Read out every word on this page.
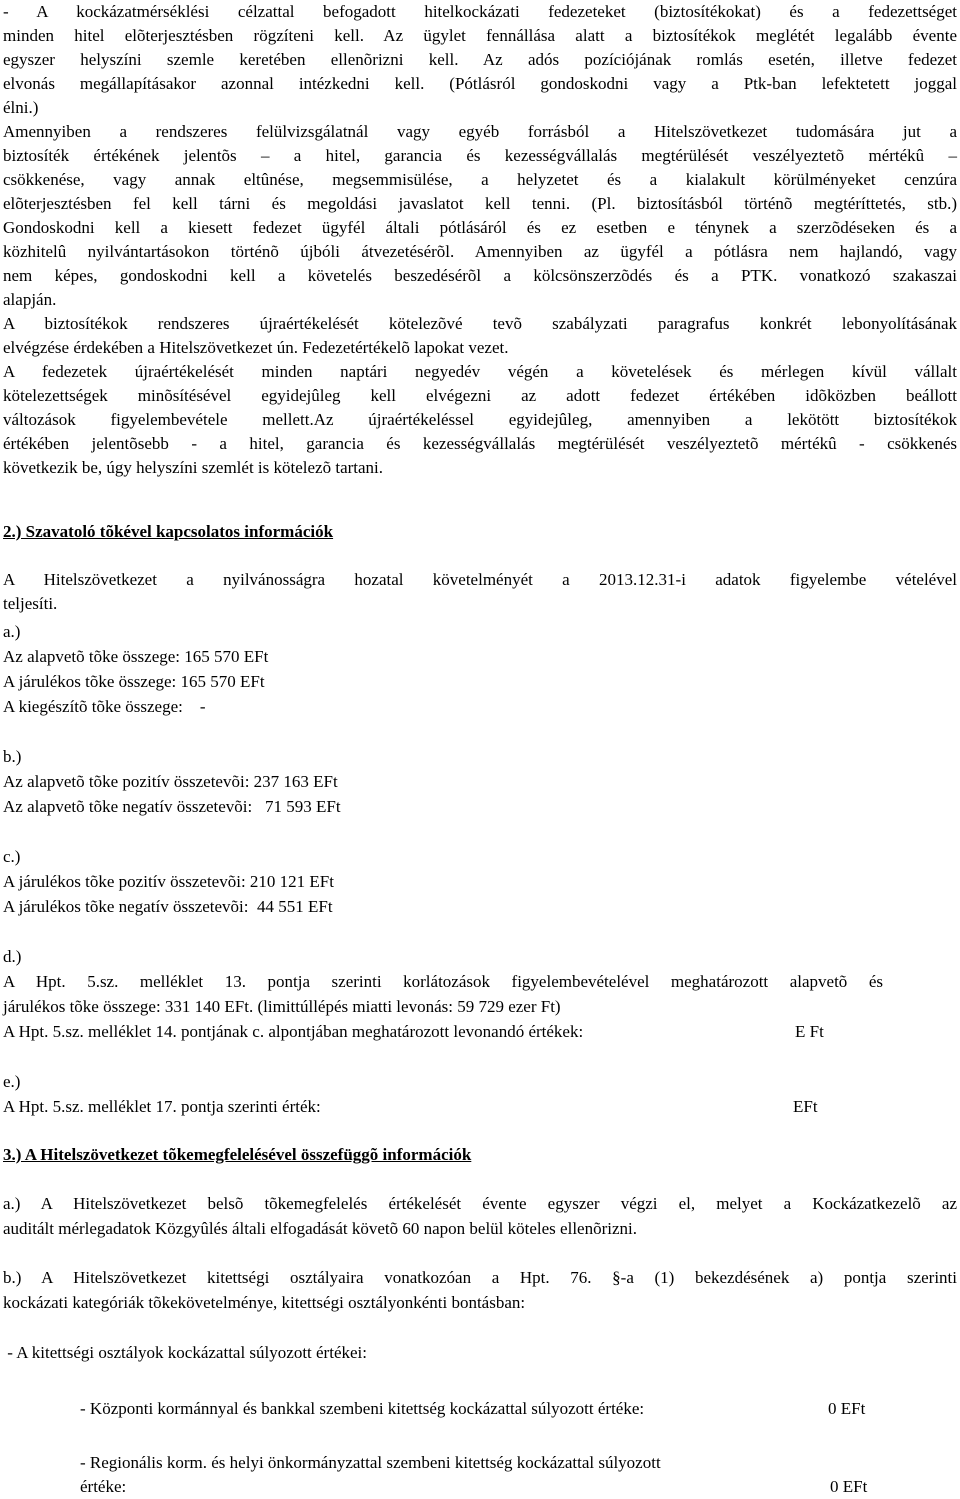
- A kockázatmérséklési célzattal befogadott hitelkockázati fedezeteket (biztosítékokat) és a fedezettséget
minden hitel elõterjesztésben rögzíteni kell. Az ügylet fennállása alatt a biztosítékok meglétét legalább évente
egyszer helyszíni szemle keretében ellenõrizni kell. Az adós pozíciójának romlás esetén, illetve fedezet
elvonás megállapításakor azonnal intézkedni kell. (Pótlásról gondoskodni vagy a Ptk-ban lefektetett joggal
élni.)
Amennyiben a rendszeres felülvizsgálatnál vagy egyéb forrásból a Hitelszövetkezet tudomására jut a
biztosíték értékének jelentõs – a hitel, garancia és kezességvállalás megtérülését veszélyeztetõ mértékû –
csökkenése, vagy annak eltûnése, megsemmisülése, a helyzetet és a kialakult körülményeket cenzúra
elõterjesztésben fel kell tárni és megoldási javaslatot kell tenni. (Pl. biztosításból történõ megtéríttetés, stb.)
Gondoskodni kell a kiesett fedezet ügyfél általi pótlásáról és ez esetben e ténynek a szerzõdéseken és a
közhitelû nyilvántartásokon történõ újbóli átvezetésérõl. Amennyiben az ügyfél a pótlásra nem hajlandó, vagy
nem képes, gondoskodni kell a követelés beszedésérõl a kölcsönszerzõdés és a PTK. vonatkozó szakaszai
alapján.
A biztosítékok rendszeres újraértékelését kötelezõvé tevõ szabályzati paragrafus konkrét lebonyolításának
elvégzése érdekében a Hitelszövetkezet ún. Fedezetértékelõ lapokat vezet.
A fedezetek újraértékelését minden naptári negyedév végén a követelések és mérlegen kívül vállalt
kötelezettségek minõsítésével egyidejûleg kell elvégezni az adott fedezet értékében idõközben beállott
változások figyelembevétele mellett.Az újraértékeléssel egyidejûleg, amennyiben a lekötött biztosítékok
értékében jelentõsebb - a hitel, garancia és kezességvállalás megtérülését veszélyeztetõ mértékû - csökkenés
következik be, úgy helyszíni szemlét is kötelezõ tartani.
2.) Szavatoló tõkével kapcsolatos információk
A Hitelszövetkezet a nyilvánosságra hozatal követelményét a 2013.12.31-i adatok figyelembe vételével
teljesíti.
a.)
Az alapvetõ tõke összege: 165 570 EFt
A járulékos tõke összege: 165 570 EFt
A kiegészítõ tõke összege:    -
b.)
Az alapvetõ tõke pozitív összetevõi: 237 163 EFt
Az alapvetõ tõke negatív összetevõi:   71 593 EFt
c.)
A járulékos tõke pozitív összetevõi: 210 121 EFt
A járulékos tõke negatív összetevõi:  44 551 EFt
d.)
A Hpt. 5.sz. melléklet 13. pontja szerinti korlátozások figyelembevételével meghatározott alapvetõ és
járulékos tõke összege: 331 140 EFt. (limittúllépés miatti levonás: 59 729 ezer Ft)
A Hpt. 5.sz. melléklet 14. pontjának c. alpontjában meghatározott levonandó értékek:	E Ft
e.)
A Hpt. 5.sz. melléklet 17. pontja szerinti érték:	EFt
3.) A Hitelszövetkezet tõkemegfelelésével összefüggõ információk
a.) A Hitelszövetkezet belsõ tõkemegfelelés értékelését évente egyszer végzi el, melyet a Kockázatkezelõ az
auditált mérlegadatok Közgyûlés általi elfogadását követõ 60 napon belül köteles ellenõrizni.
b.) A Hitelszövetkezet kitettségi osztályaira vonatkozóan a Hpt. 76. §-a (1) bekezdésének a) pontja szerinti
kockázati kategóriák tõkekövetelménye, kitettségi osztályonkénti bontásban:
- A kitettségi osztályok kockázattal súlyozott értékei:
- Központi kormánnyal és bankkal szembeni kitettség kockázattal súlyozott értéke:	0 EFt
- Regionális korm. és helyi önkormányzattal szembeni kitettség kockázattal súlyozott
értéke:	0 EFt
